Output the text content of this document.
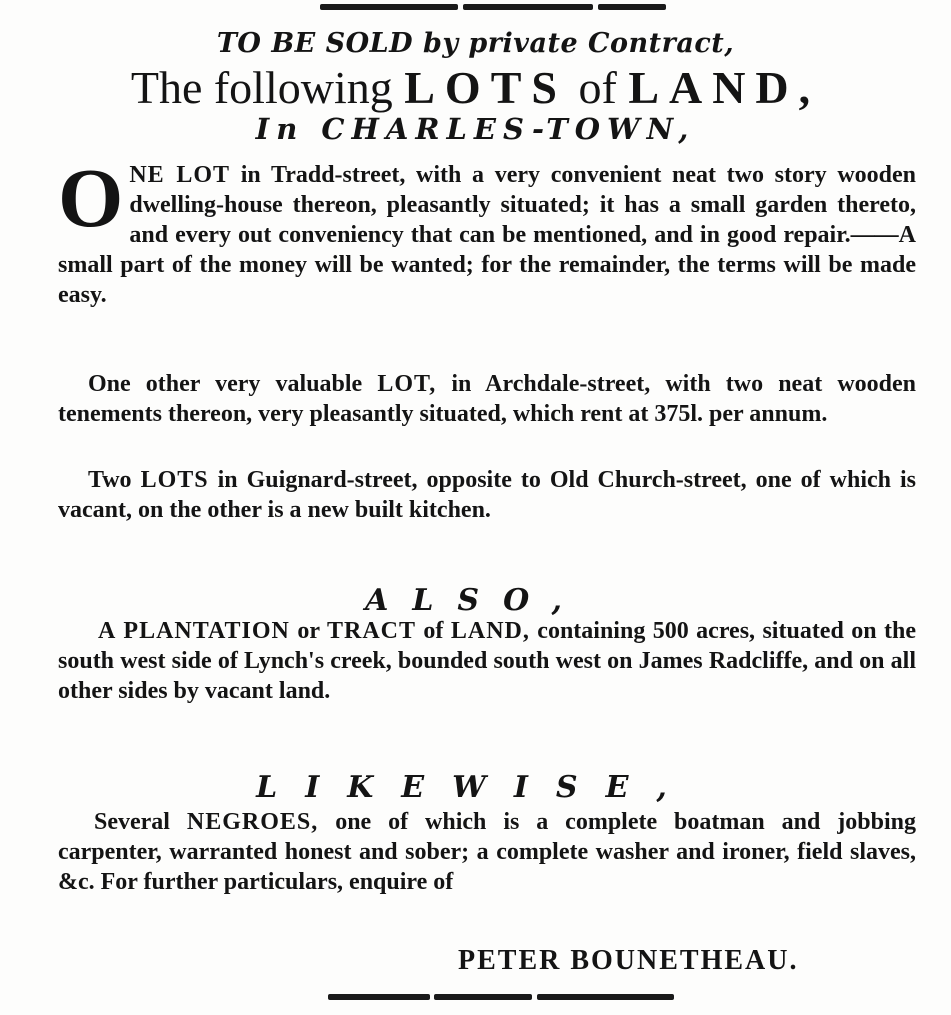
TO BE SOLD by private Contract,
The following LOTS of LAND,
In CHARLES-TOWN,

ONE LOT in Tradd-street, with a very convenient neat two story wooden dwelling-house thereon, pleasantly situated; it has a small garden thereto, and every out conveniency that can be mentioned, and in good repair.——A small part of the money will be wanted; for the remainder, the terms will be made easy.

One other very valuable LOT, in Archdale-street, with two neat wooden tenements thereon, very pleasantly situated, which rent at 375l. per annum.

Two LOTS in Guignard-street, opposite to Old Church-street, one of which is vacant, on the other is a new built kitchen.

ALSO,

A PLANTATION or TRACT of LAND, containing 500 acres, situated on the south west side of Lynch's creek, bounded south west on James Radcliffe, and on all other sides by vacant land.

LIKEWISE,

Several NEGROES, one of which is a complete boatman and jobbing carpenter, warranted honest and sober; a complete washer and ironer, field slaves, &c. For further particulars, enquire of

PETER BOUNETHEAU.
